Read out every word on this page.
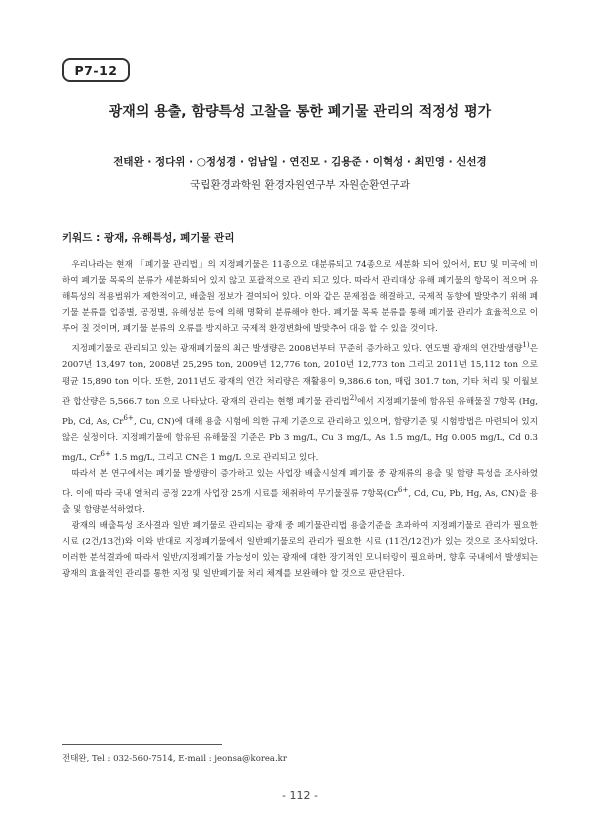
P7-12
광재의 용출, 함량특성 고찰을 통한 폐기물 관리의 적정성 평가
전태완 · 정다위 · ○정성경 · 엄남일 · 연진모 · 김용준 · 이혁성 · 최민영 · 신선경
국립환경과학원 환경자원연구부 자원순환연구과
키워드 : 광재, 유해특성, 폐기물 관리

우리나라는 현재 「폐기물 관리법」의 지정폐기물은 11종으로 대분류되고 74종으로 세분화 되어 있어서, EU 및 미국에 비하여 폐기물 목록의 분류가 세분화되어 있지 않고 포괄적으로 관리 되고 있다. 따라서 관리대상 유해 폐기물의 항목이 적으며 유해특성의 적용범위가 제한적이고, 배출원 정보가 결여되어 있다. 이와 같은 문제점을 해결하고, 국제적 동향에 발맞추기 위해 폐기물 분류를 업종별, 공정별, 유해성분 등에 의해 명확히 분류해야 한다. 폐기물 목록 분류를 통해 폐기물 관리가 효율적으로 이루어 질 것이며, 폐기물 분류의 오류를 방지하고 국제적 환경변화에 발맞추어 대응 할 수 있을 것이다.

지정폐기물로 관리되고 있는 광재폐기물의 최근 발생량은 2008년부터 꾸준히 증가하고 있다. 연도별 광재의 연간발생량$^{1)}$은 2007년 13,497 ton, 2008년 25,295 ton, 2009년 12,776 ton, 2010년 12,773 ton 그리고 2011년 15,112 ton 으로 평균 15,890 ton 이다. 또한, 2011년도 광재의 연간 처리량은 재활용이 9,386.6 ton, 매립 301.7 ton, 기타 처리 및 이월보관 합산량은 5,566.7 ton 으로 나타났다. 광재의 관리는 현행 폐기물 관리법$^{2)}$에서 지정폐기물에 함유된 유해물질 7항목 (Hg, Pb, Cd, As, $Cr^{6+}$, Cu, CN)에 대해 용출 시험에 의한 규제 기준으로 관리하고 있으며, 함량기준 및 시험방법은 마련되어 있지 않은 실정이다. 지정폐기물에 함유된 유해물질 기준은 Pb 3 mg/L, Cu 3 mg/L, As 1.5 mg/L, Hg 0.005 mg/L, Cd 0.3 mg/L, $Cr^{6+}$ 1.5 mg/L, 그리고 CN은 1 mg/L 으로 관리되고 있다.

따라서 본 연구에서는 폐기물 발생량이 증가하고 있는 사업장 배출시설계 폐기물 중 광재류의 용출 및 함량 특성을 조사하였다. 이에 따라 국내 열처리 공정 22개 사업장 25개 시료를 채취하여 무기물질류 7항목($Cr^{6+}$, Cd, Cu, Pb, Hg, As, CN)을 용출 및 함량분석하였다.

광재의 배출특성 조사결과 일반 폐기물로 관리되는 광재 중 폐기물관리법 용출기준을 초과하여 지정폐기물로 관리가 필요한 시료 (2건/13건)와 이와 반대로 지정폐기물에서 일반폐기물로의 관리가 필요한 시료 (11건/12건)가 있는 것으로 조사되었다. 이러한 분석결과에 따라서 일반/지정폐기물 가능성이 있는 광재에 대한 장기적인 모니터링이 필요하며, 향후 국내에서 발생되는 광재의 효율적인 관리를 통한 지정 및 일반폐기물 처리 체계를 보완해야 할 것으로 판단된다.

전태완, Tel : 032-560-7514, E-mail : jeonsa@korea.kr
- 112 -
